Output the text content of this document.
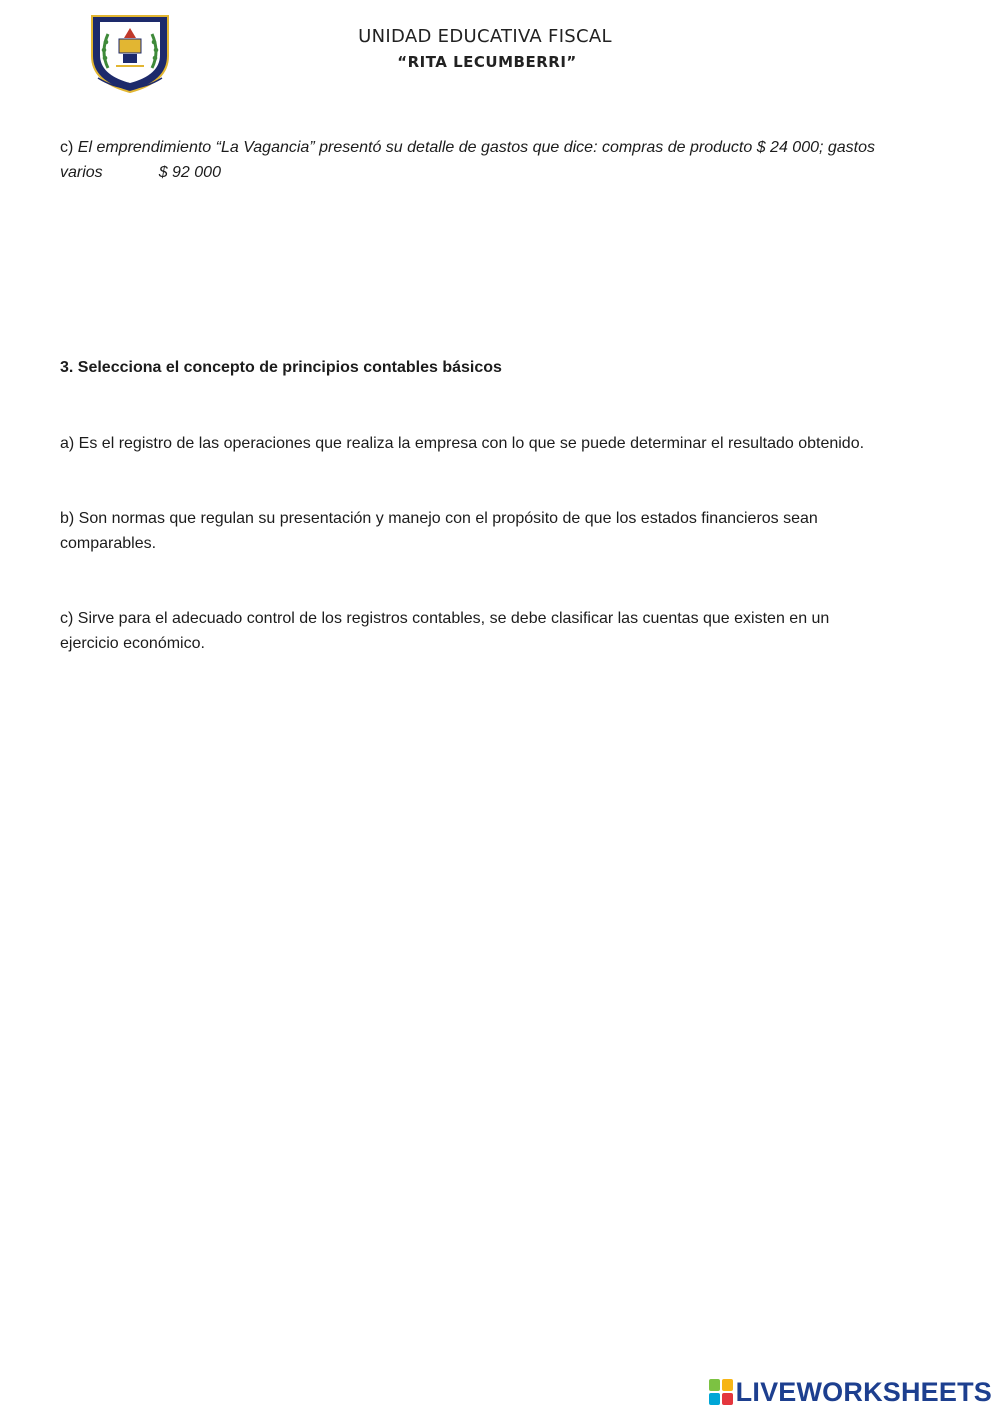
UNIDAD EDUCATIVA FISCAL
“RITA LECUMBERRI”
c) El emprendimiento “La Vagancia” presentó su detalle de gastos que dice: compras de producto $ 24 000; gastos
varios	$ 92 000
3. Selecciona el concepto de principios contables básicos
a) Es el registro de las operaciones que realiza la empresa con lo que se puede determinar el resultado obtenido.
b) Son normas que regulan su presentación y manejo con el propósito de que los estados financieros sean
comparables.
c) Sirve para el adecuado control de los registros contables, se debe clasificar las cuentas que existen en un
ejercicio económico.
LIVEWORKSHEETS
